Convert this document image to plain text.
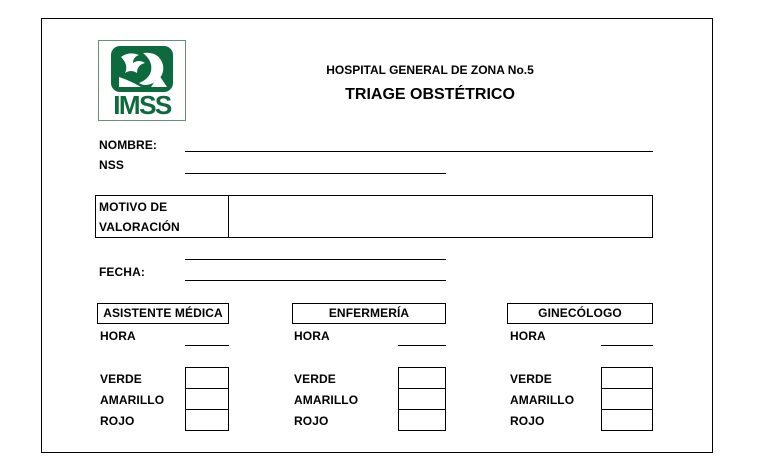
IMSS
HOSPITAL GENERAL DE ZONA No.5
TRIAGE OBSTÉTRICO
NOMBRE:
NSS
MOTIVO DE
VALORACIÓN
FECHA:
ASISTENTE MÉDICA
HORA
VERDE
AMARILLO
ROJO
ENFERMERÍA
HORA
VERDE
AMARILLO
ROJO
GINECÓLOGO
HORA
VERDE
AMARILLO
ROJO
